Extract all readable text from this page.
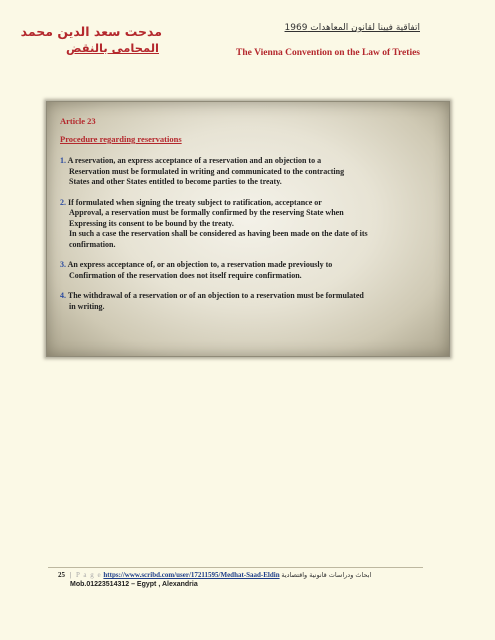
مدحت سعد الدين محمد
المحامى بالنقض
اتفاقية فيينا لقانون المعاهدات 1969
The Vienna Convention on the Law of Treties
Article 23
Procedure regarding reservations
1. A reservation, an express acceptance of a reservation and an objection to a
Reservation must be formulated in writing and communicated to the contracting
States and other States entitled to become parties to the treaty.
2. If formulated when signing the treaty subject to ratification, acceptance or
Approval, a reservation must be formally confirmed by the reserving State when
Expressing its consent to be bound by the treaty.
In such a case the reservation shall be considered as having been made on the date of its
confirmation.
3. An express acceptance of, or an objection to, a reservation made previously to
Confirmation of the reservation does not itself require confirmation.
4. The withdrawal of a reservation or of an objection to a reservation must be formulated
in writing.
25 | P a g e https://www.scribd.com/user/17211595/Medhat-Saad-Eldin ابحاث ودراسات قانونية واقتصادية
Mob.01223514312 – Egypt , Alexandria
